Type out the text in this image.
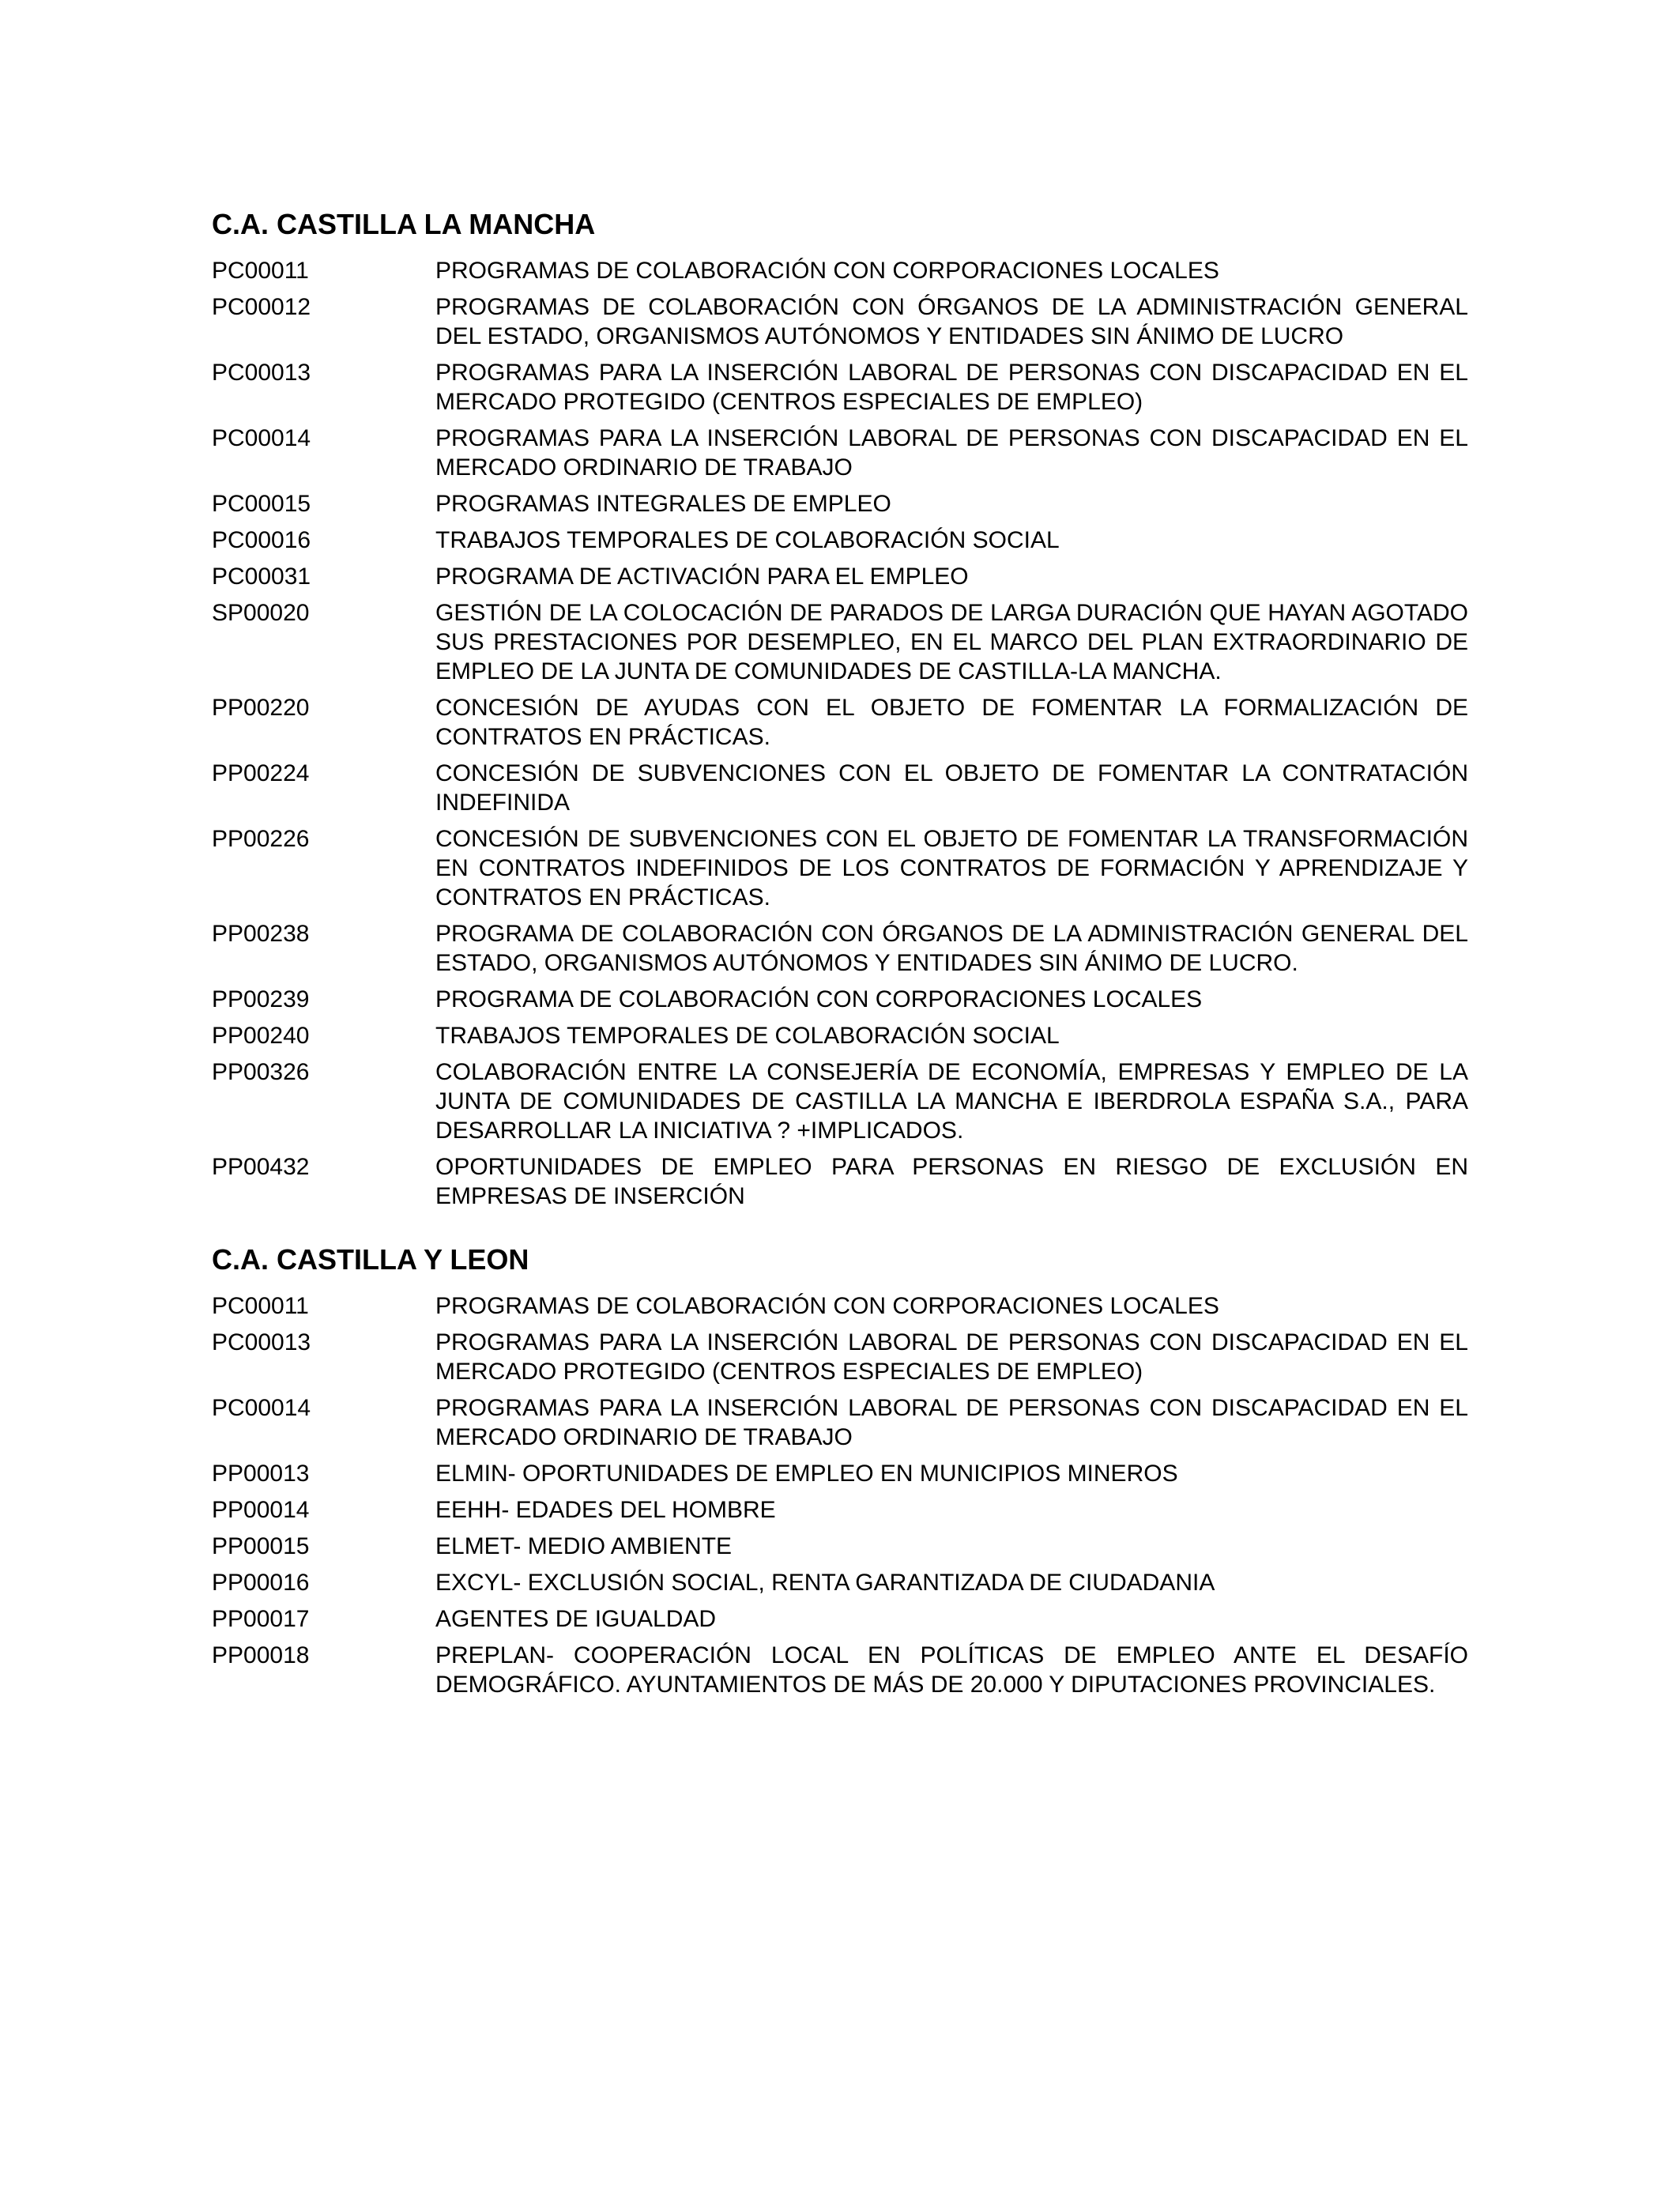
C.A. CASTILLA LA MANCHA
PC00011	PROGRAMAS DE COLABORACIÓN CON CORPORACIONES LOCALES
PC00012	PROGRAMAS DE COLABORACIÓN CON ÓRGANOS DE LA ADMINISTRACIÓN GENERAL DEL ESTADO, ORGANISMOS AUTÓNOMOS Y ENTIDADES SIN ÁNIMO DE LUCRO
PC00013	PROGRAMAS PARA LA INSERCIÓN LABORAL DE PERSONAS CON DISCAPACIDAD EN EL MERCADO PROTEGIDO (CENTROS ESPECIALES DE EMPLEO)
PC00014	PROGRAMAS PARA LA INSERCIÓN LABORAL DE PERSONAS CON DISCAPACIDAD EN EL MERCADO ORDINARIO DE TRABAJO
PC00015	PROGRAMAS INTEGRALES DE EMPLEO
PC00016	TRABAJOS TEMPORALES DE COLABORACIÓN SOCIAL
PC00031	PROGRAMA DE ACTIVACIÓN PARA EL EMPLEO
SP00020	GESTIÓN DE LA COLOCACIÓN DE PARADOS DE LARGA DURACIÓN QUE HAYAN AGOTADO SUS PRESTACIONES POR DESEMPLEO, EN EL MARCO DEL PLAN EXTRAORDINARIO DE EMPLEO DE LA JUNTA DE COMUNIDADES DE CASTILLA-LA MANCHA.
PP00220	CONCESIÓN DE AYUDAS CON EL OBJETO DE FOMENTAR LA FORMALIZACIÓN DE CONTRATOS EN PRÁCTICAS.
PP00224	CONCESIÓN DE SUBVENCIONES CON EL OBJETO DE FOMENTAR LA CONTRATACIÓN INDEFINIDA
PP00226	CONCESIÓN DE SUBVENCIONES CON EL OBJETO DE FOMENTAR LA TRANSFORMACIÓN EN CONTRATOS INDEFINIDOS DE LOS CONTRATOS DE FORMACIÓN Y APRENDIZAJE Y CONTRATOS EN PRÁCTICAS.
PP00238	PROGRAMA DE COLABORACIÓN CON ÓRGANOS DE LA ADMINISTRACIÓN GENERAL DEL ESTADO, ORGANISMOS AUTÓNOMOS Y ENTIDADES SIN ÁNIMO DE LUCRO.
PP00239	PROGRAMA DE COLABORACIÓN CON CORPORACIONES LOCALES
PP00240	TRABAJOS TEMPORALES DE COLABORACIÓN SOCIAL
PP00326	COLABORACIÓN ENTRE LA CONSEJERÍA DE ECONOMÍA, EMPRESAS Y EMPLEO DE LA JUNTA DE COMUNIDADES DE CASTILLA LA MANCHA E IBERDROLA ESPAÑA S.A., PARA DESARROLLAR LA INICIATIVA ? +IMPLICADOS.
PP00432	OPORTUNIDADES DE EMPLEO PARA PERSONAS EN RIESGO DE EXCLUSIÓN EN EMPRESAS DE INSERCIÓN
C.A. CASTILLA Y LEON
PC00011	PROGRAMAS DE COLABORACIÓN CON CORPORACIONES LOCALES
PC00013	PROGRAMAS PARA LA INSERCIÓN LABORAL DE PERSONAS CON DISCAPACIDAD EN EL MERCADO PROTEGIDO (CENTROS ESPECIALES DE EMPLEO)
PC00014	PROGRAMAS PARA LA INSERCIÓN LABORAL DE PERSONAS CON DISCAPACIDAD EN EL MERCADO ORDINARIO DE TRABAJO
PP00013	ELMIN- OPORTUNIDADES DE EMPLEO EN MUNICIPIOS MINEROS
PP00014	EEHH- EDADES DEL HOMBRE
PP00015	ELMET- MEDIO AMBIENTE
PP00016	EXCYL- EXCLUSIÓN SOCIAL, RENTA GARANTIZADA DE CIUDADANIA
PP00017	AGENTES DE IGUALDAD
PP00018	PREPLAN- COOPERACIÓN LOCAL EN POLÍTICAS DE EMPLEO ANTE EL DESAFÍO DEMOGRÁFICO. AYUNTAMIENTOS DE MÁS DE 20.000 Y DIPUTACIONES PROVINCIALES.
